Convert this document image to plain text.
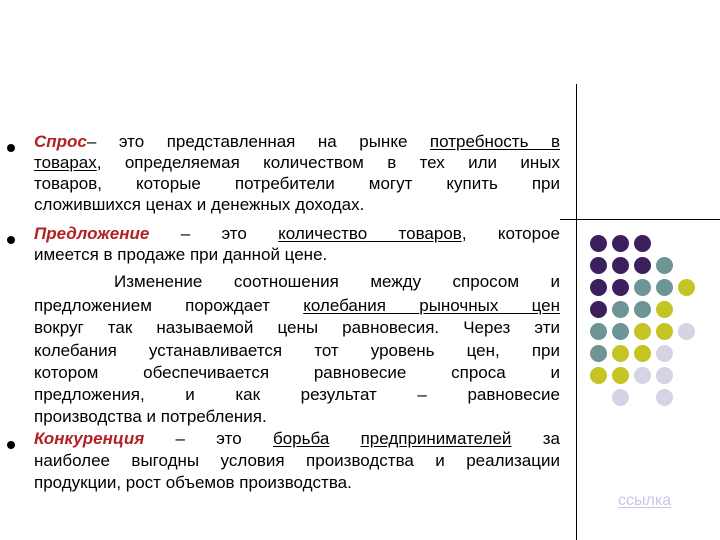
Спрос– это представленная на рынке потребность в
товарах, определяемая количеством в тех или иных
товаров, которые потребители могут купить при
сложившихся ценах и денежных доходах.
Предложение – это количество товаров, которое
имеется в продаже при данной цене.
Изменение соотношения между спросом и
предложением порождает колебания рыночных цен
вокруг так называемой цены равновесия. Через эти
колебания устанавливается тот уровень цен, при
котором обеспечивается равновесие спроса и
предложения, и как результат – равновесие
производства и потребления.
Конкуренция – это борьба предпринимателей за
наиболее выгодны условия производства и реализации
продукции, рост объемов производства.
ссылка
